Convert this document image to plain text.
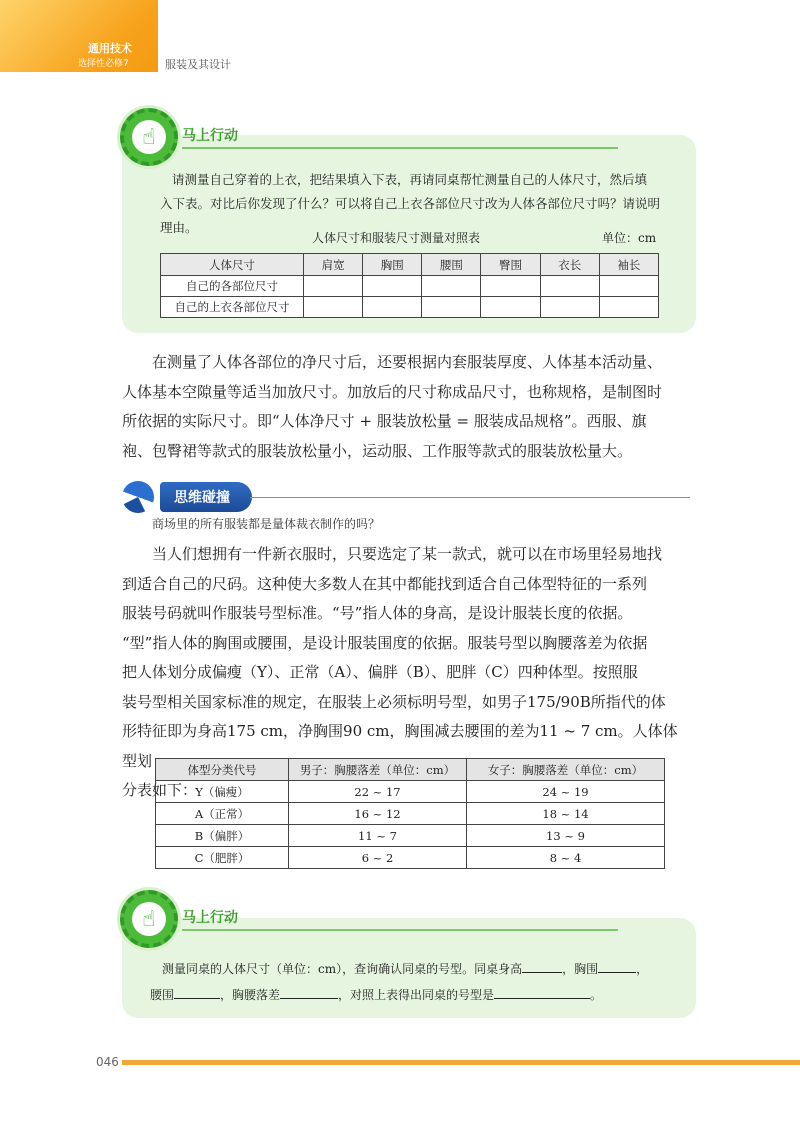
通用技术
选择性必修7	服装及其设计
☝	马上行动
请测量自己穿着的上衣，把结果填入下表，再请同桌帮忙测量自己的人体尺寸，然后填
入下表。对比后你发现了什么？可以将自己上衣各部位尺寸改为人体各部位尺寸吗？请说明
理由。
人体尺寸和服装尺寸测量对照表	单位：cm
人体尺寸	肩宽	胸围	腰围	臀围	衣长	袖长
自己的各部位尺寸						
自己的上衣各部位尺寸						
在测量了人体各部位的净尺寸后，还要根据内套服装厚度、人体基本活动量、
人体基本空隙量等适当加放尺寸。加放后的尺寸称成品尺寸，也称规格，是制图时
所依据的实际尺寸。即“人体净尺寸 + 服装放松量 = 服装成品规格”。西服、旗
袍、包臀裙等款式的服装放松量小，运动服、工作服等款式的服装放松量大。
思维碰撞
商场里的所有服装都是量体裁衣制作的吗？
当人们想拥有一件新衣服时，只要选定了某一款式，就可以在市场里轻易地找
到适合自己的尺码。这种使大多数人在其中都能找到适合自己体型特征的一系列
服装号码就叫作服装号型标准。“号”指人体的身高，是设计服装长度的依据。
“型”指人体的胸围或腰围，是设计服装围度的依据。服装号型以胸腰落差为依据
把人体划分成偏瘦（Y）、正常（A）、偏胖（B）、肥胖（C）四种体型。按照服
装号型相关国家标准的规定，在服装上必须标明号型，如男子175/90B所指代的体
形特征即为身高175 cm，净胸围90 cm，胸围减去腰围的差为11 ~ 7 cm。人体体型划
分表如下：
体型分类代号	男子：胸腰落差（单位：cm）	女子：胸腰落差（单位：cm）
Y（偏瘦）	22 ~ 17	24 ~ 19
A（正常）	16 ~ 12	18 ~ 14
B（偏胖）	11 ~ 7	13 ~ 9
C（肥胖）	6 ~ 2	8 ~ 4
☝	马上行动
测量同桌的人体尺寸（单位：cm），查询确认同桌的号型。同桌身高	，胸围	，
腰围	，胸腰落差	，对照上表得出同桌的号型是	。
046
